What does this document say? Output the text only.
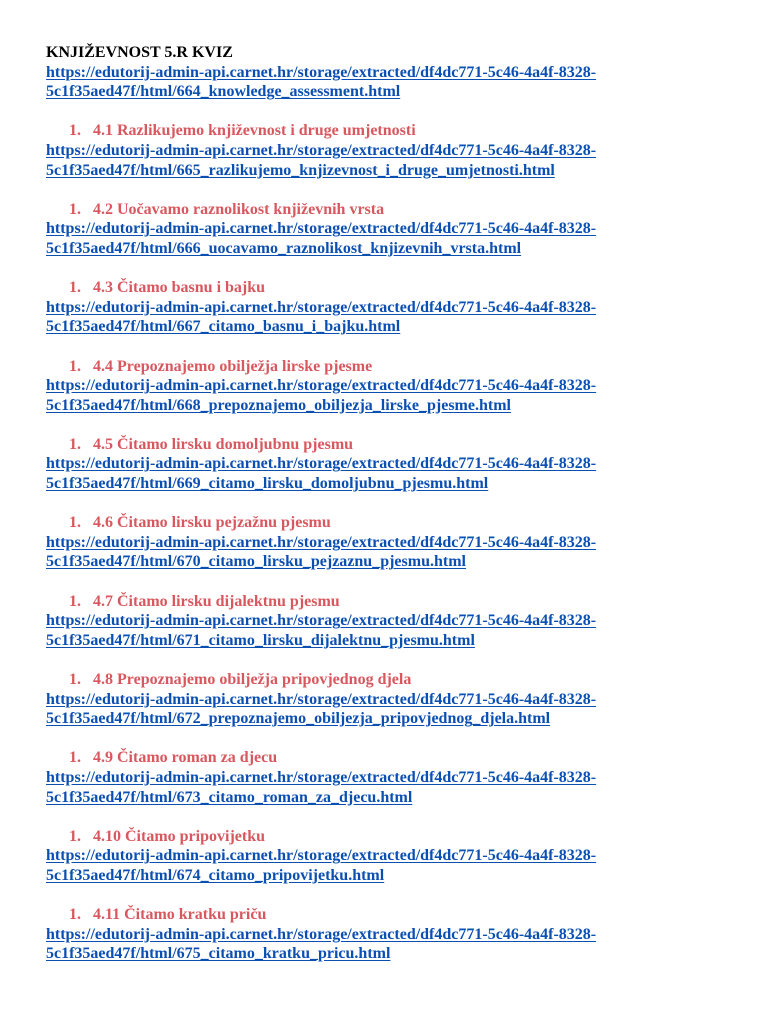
KNJIŽEVNOST 5.R KVIZ
https://edutorij-admin-api.carnet.hr/storage/extracted/df4dc771-5c46-4a4f-8328-
5c1f35aed47f/html/664_knowledge_assessment.html
1. 4.1 Razlikujemo književnost i druge umjetnosti
https://edutorij-admin-api.carnet.hr/storage/extracted/df4dc771-5c46-4a4f-8328-
5c1f35aed47f/html/665_razlikujemo_knjizevnost_i_druge_umjetnosti.html
1. 4.2 Uočavamo raznolikost književnih vrsta
https://edutorij-admin-api.carnet.hr/storage/extracted/df4dc771-5c46-4a4f-8328-
5c1f35aed47f/html/666_uocavamo_raznolikost_knjizevnih_vrsta.html
1. 4.3 Čitamo basnu i bajku
https://edutorij-admin-api.carnet.hr/storage/extracted/df4dc771-5c46-4a4f-8328-
5c1f35aed47f/html/667_citamo_basnu_i_bajku.html
1. 4.4 Prepoznajemo obilježja lirske pjesme
https://edutorij-admin-api.carnet.hr/storage/extracted/df4dc771-5c46-4a4f-8328-
5c1f35aed47f/html/668_prepoznajemo_obiljezja_lirske_pjesme.html
1. 4.5 Čitamo lirsku domoljubnu pjesmu
https://edutorij-admin-api.carnet.hr/storage/extracted/df4dc771-5c46-4a4f-8328-
5c1f35aed47f/html/669_citamo_lirsku_domoljubnu_pjesmu.html
1. 4.6 Čitamo lirsku pejzažnu pjesmu
https://edutorij-admin-api.carnet.hr/storage/extracted/df4dc771-5c46-4a4f-8328-
5c1f35aed47f/html/670_citamo_lirsku_pejzaznu_pjesmu.html
1. 4.7 Čitamo lirsku dijalektnu pjesmu
https://edutorij-admin-api.carnet.hr/storage/extracted/df4dc771-5c46-4a4f-8328-
5c1f35aed47f/html/671_citamo_lirsku_dijalektnu_pjesmu.html
1. 4.8 Prepoznajemo obilježja pripovjednog djela
https://edutorij-admin-api.carnet.hr/storage/extracted/df4dc771-5c46-4a4f-8328-
5c1f35aed47f/html/672_prepoznajemo_obiljezja_pripovjednog_djela.html
1. 4.9 Čitamo roman za djecu
https://edutorij-admin-api.carnet.hr/storage/extracted/df4dc771-5c46-4a4f-8328-
5c1f35aed47f/html/673_citamo_roman_za_djecu.html
1. 4.10 Čitamo pripovijetku
https://edutorij-admin-api.carnet.hr/storage/extracted/df4dc771-5c46-4a4f-8328-
5c1f35aed47f/html/674_citamo_pripovijetku.html
1. 4.11 Čitamo kratku priču
https://edutorij-admin-api.carnet.hr/storage/extracted/df4dc771-5c46-4a4f-8328-
5c1f35aed47f/html/675_citamo_kratku_pricu.html
